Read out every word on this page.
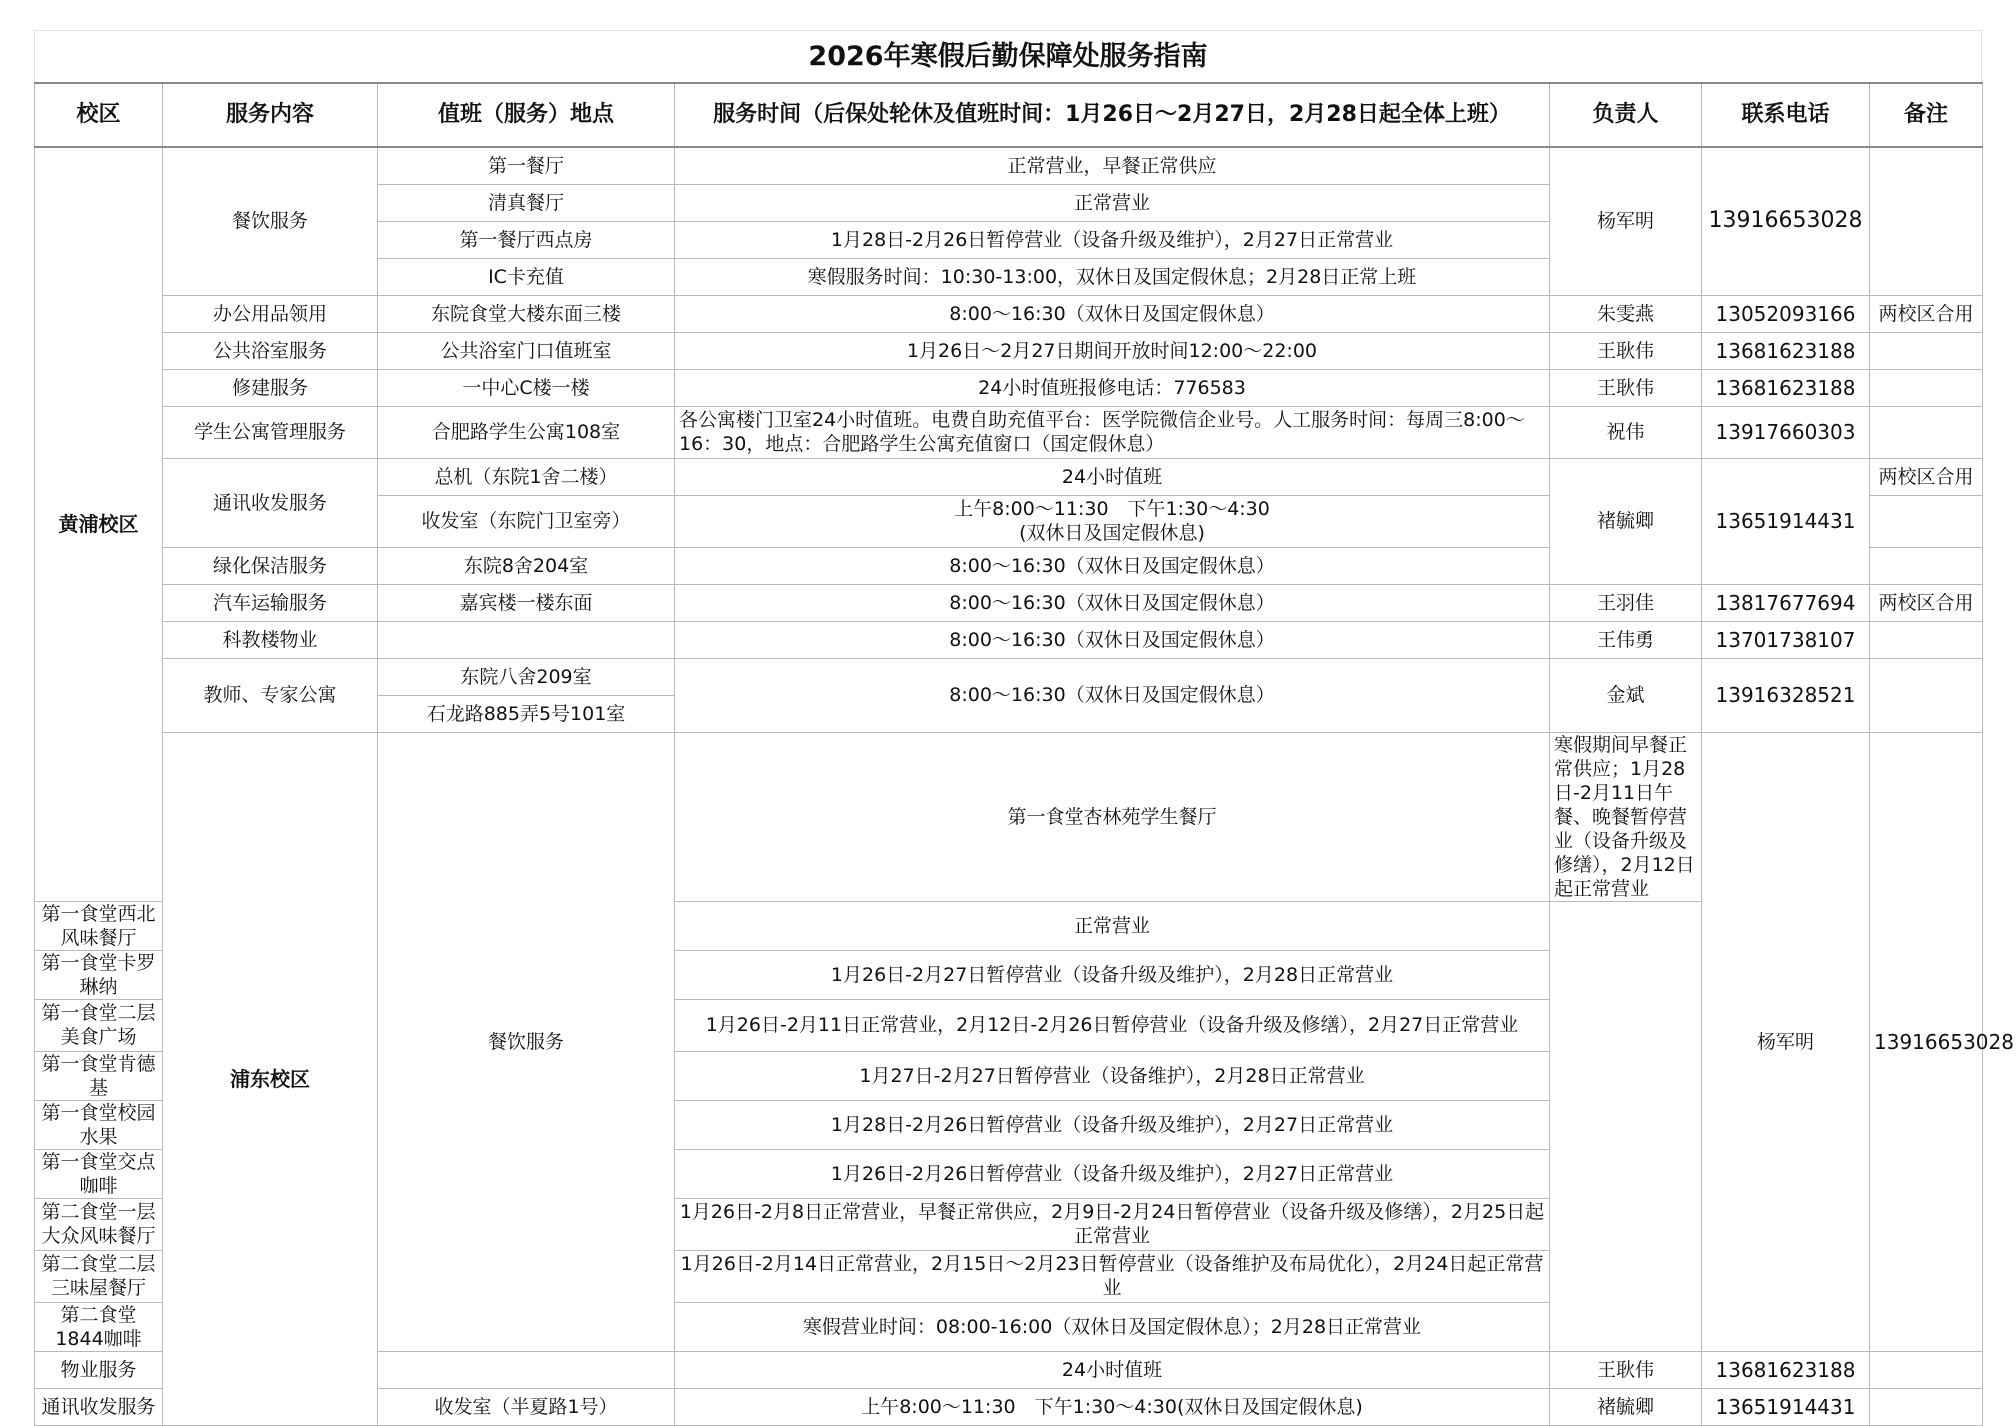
2026年寒假后勤保障处服务指南
校区	服务内容	值班（服务）地点	服务时间（后保处轮休及值班时间：1月26日～2月27日，2月28日起全体上班）	负责人	联系电话	备注	
黄浦校区	餐饮服务	第一餐厅	正常营业，早餐正常供应	杨军明	13916653028		
		清真餐厅	正常营业				
		第一餐厅西点房	1月28日-2月26日暂停营业（设备升级及维护），2月27日正常营业				
		IC卡充值	寒假服务时间：10:30-13:00，双休日及国定假休息；2月28日正常上班				
	办公用品领用	东院食堂大楼东面三楼	8:00～16:30（双休日及国定假休息）	朱雯燕	13052093166	两校区合用	
	公共浴室服务	公共浴室门口值班室	1月26日～2月27日期间开放时间12:00～22:00	王耿伟	13681623188		
	修建服务	一中心C楼一楼	24小时值班报修电话：776583	王耿伟	13681623188		
	学生公寓管理服务	合肥路学生公寓108室	各公寓楼门卫室24小时值班。电费自助充值平台：医学院微信企业号。人工服务时间：每周三8:00～16：30，地点：合肥路学生公寓充值窗口（国定假休息）	祝伟	13917660303		
	通讯收发服务	总机（东院1舍二楼）	24小时值班	褚毓卿	13651914431	两校区合用	
		收发室（东院门卫室旁）	上午8:00～11:30　下午1:30～4:30
(双休日及国定假休息)				

	绿化保洁服务	东院8舍204室	8:00～16:30（双休日及国定假休息）				
	汽车运输服务	嘉宾楼一楼东面	8:00～16:30（双休日及国定假休息）	王羽佳	13817677694	两校区合用	
	科教楼物业		8:00～16:30（双休日及国定假休息）	王伟勇	13701738107		
	教师、专家公寓	东院八舍209室	8:00～16:30（双休日及国定假休息）	金斌	13916328521		
		石龙路885弄5号101室					
	浦东校区	餐饮服务	第一食堂杏林苑学生餐厅	寒假期间早餐正常供应；1月28日-2月11日午餐、晚餐暂停营业（设备升级及修缮），2月12日起正常营业	杨军明	13916653028	
第一食堂西北风味餐厅			正常营业				
第一食堂卡罗琳纳			1月26日-2月27日暂停营业（设备升级及维护），2月28日正常营业				
第一食堂二层美食广场			1月26日-2月11日正常营业，2月12日-2月26日暂停营业（设备升级及修缮），2月27日正常营业				
第一食堂肯德基			1月27日-2月27日暂停营业（设备维护），2月28日正常营业				
第一食堂校园水果			1月28日-2月26日暂停营业（设备升级及维护），2月27日正常营业				
第一食堂交点咖啡			1月26日-2月26日暂停营业（设备升级及维护），2月27日正常营业				
第二食堂一层大众风味餐厅			1月26日-2月8日正常营业，早餐正常供应，2月9日-2月24日暂停营业（设备升级及修缮），2月25日起正常营业				
第二食堂二层三味屋餐厅			1月26日-2月14日正常营业，2月15日～2月23日暂停营业（设备维护及布局优化），2月24日起正常营业				
第二食堂1844咖啡			寒假营业时间：08:00-16:00（双休日及国定假休息）；2月28日正常营业				
物业服务			24小时值班	王耿伟	13681623188		
通讯收发服务		收发室（半夏路1号）	上午8:00～11:30　下午1:30～4:30(双休日及国定假休息)	褚毓卿	13651914431		
